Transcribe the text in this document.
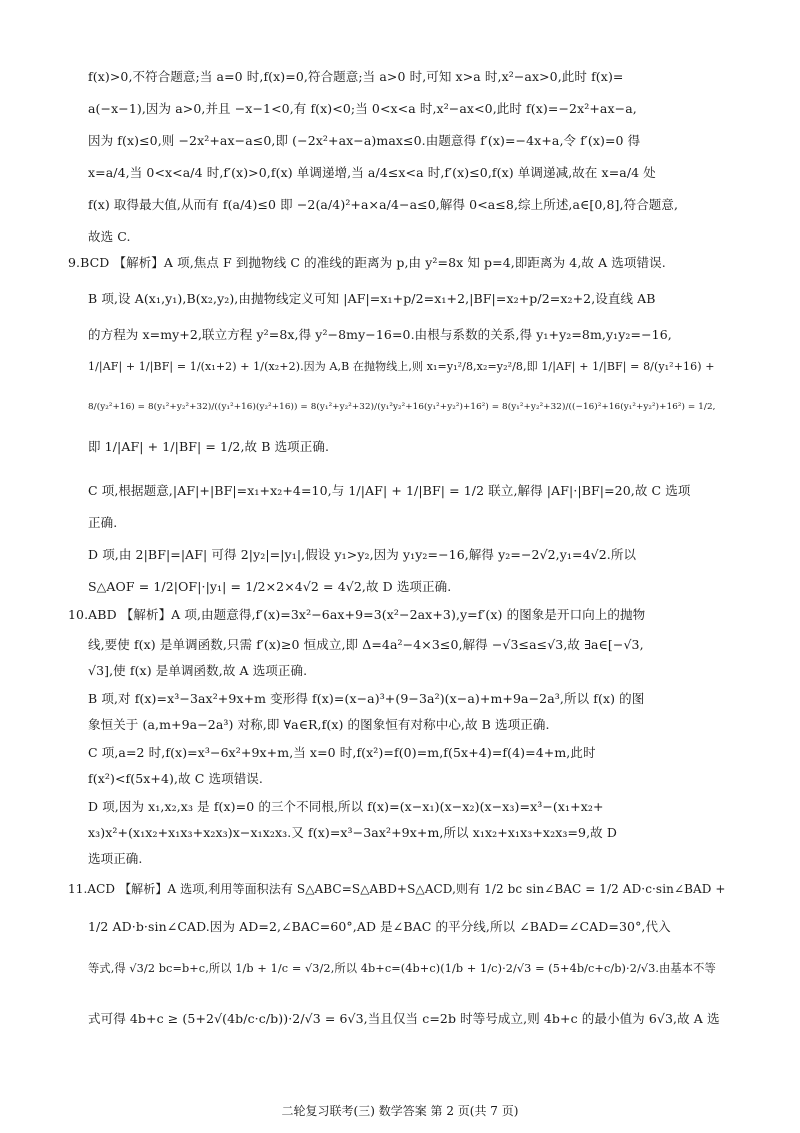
f(x)>0,不符合题意;当 a=0 时,f(x)=0,符合题意;当 a>0 时,可知 x>a 时,x²−ax>0,此时 f(x)=
a(−x−1),因为 a>0,并且 −x−1<0,有 f(x)<0;当 0<x<a 时,x²−ax<0,此时 f(x)=−2x²+ax−a,
因为 f(x)≤0,则 −2x²+ax−a≤0,即 (−2x²+ax−a)max≤0.由题意得 f′(x)=−4x+a,令 f′(x)=0 得
x=a/4,当 0<x<a/4 时,f′(x)>0,f(x) 单调递增,当 a/4≤x<a 时,f′(x)≤0,f(x) 单调递减,故在 x=a/4 处
f(x) 取得最大值,从而有 f(a/4)≤0 即 −2(a/4)²+a×a/4−a≤0,解得 0<a≤8,综上所述,a∈[0,8],符合题意,
故选 C.
9.BCD 【解析】A 项,焦点 F 到抛物线 C 的准线的距离为 p,由 y²=8x 知 p=4,即距离为 4,故 A 选项错误.
B 项,设 A(x₁,y₁),B(x₂,y₂),由抛物线定义可知 |AF|=x₁+p/2=x₁+2,|BF|=x₂+p/2=x₂+2,设直线 AB
的方程为 x=my+2,联立方程 y²=8x,得 y²−8my−16=0.由根与系数的关系,得 y₁+y₂=8m,y₁y₂=−16,
1/|AF| + 1/|BF| = 1/(x₁+2) + 1/(x₂+2).因为 A,B 在抛物线上,则 x₁=y₁²/8,x₂=y₂²/8,即 1/|AF| + 1/|BF| = 8/(y₁²+16) +
8/(y₂²+16) = 8(y₁²+y₂²+32)/((y₁²+16)(y₂²+16)) = 8(y₁²+y₂²+32)/(y₁²y₂²+16(y₁²+y₂²)+16²) = 8(y₁²+y₂²+32)/((−16)²+16(y₁²+y₂²)+16²) = 1/2,
即 1/|AF| + 1/|BF| = 1/2,故 B 选项正确.
C 项,根据题意,|AF|+|BF|=x₁+x₂+4=10,与 1/|AF| + 1/|BF| = 1/2 联立,解得 |AF|·|BF|=20,故 C 选项
正确.
D 项,由 2|BF|=|AF| 可得 2|y₂|=|y₁|,假设 y₁>y₂,因为 y₁y₂=−16,解得 y₂=−2√2,y₁=4√2.所以
S△AOF = 1/2|OF|·|y₁| = 1/2×2×4√2 = 4√2,故 D 选项正确.
10.ABD 【解析】A 项,由题意得,f′(x)=3x²−6ax+9=3(x²−2ax+3),y=f′(x) 的图象是开口向上的抛物
线,要使 f(x) 是单调函数,只需 f′(x)≥0 恒成立,即 Δ=4a²−4×3≤0,解得 −√3≤a≤√3,故 ∃a∈[−√3,
√3],使 f(x) 是单调函数,故 A 选项正确.
B 项,对 f(x)=x³−3ax²+9x+m 变形得 f(x)=(x−a)³+(9−3a²)(x−a)+m+9a−2a³,所以 f(x) 的图
象恒关于 (a,m+9a−2a³) 对称,即 ∀a∈R,f(x) 的图象恒有对称中心,故 B 选项正确.
C 项,a=2 时,f(x)=x³−6x²+9x+m,当 x=0 时,f(x²)=f(0)=m,f(5x+4)=f(4)=4+m,此时
f(x²)<f(5x+4),故 C 选项错误.
D 项,因为 x₁,x₂,x₃ 是 f(x)=0 的三个不同根,所以 f(x)=(x−x₁)(x−x₂)(x−x₃)=x³−(x₁+x₂+
x₃)x²+(x₁x₂+x₁x₃+x₂x₃)x−x₁x₂x₃.又 f(x)=x³−3ax²+9x+m,所以 x₁x₂+x₁x₃+x₂x₃=9,故 D
选项正确.
11.ACD 【解析】A 选项,利用等面积法有 S△ABC=S△ABD+S△ACD,则有 1/2 bc sin∠BAC = 1/2 AD·c·sin∠BAD +
1/2 AD·b·sin∠CAD.因为 AD=2,∠BAC=60°,AD 是∠BAC 的平分线,所以 ∠BAD=∠CAD=30°,代入
等式,得 √3/2 bc=b+c,所以 1/b + 1/c = √3/2,所以 4b+c=(4b+c)(1/b + 1/c)·2/√3 = (5+4b/c+c/b)·2/√3.由基本不等
式可得 4b+c ≥ (5+2√(4b/c·c/b))·2/√3 = 6√3,当且仅当 c=2b 时等号成立,则 4b+c 的最小值为 6√3,故 A 选
二轮复习联考(三) 数学答案 第 2 页(共 7 页)
